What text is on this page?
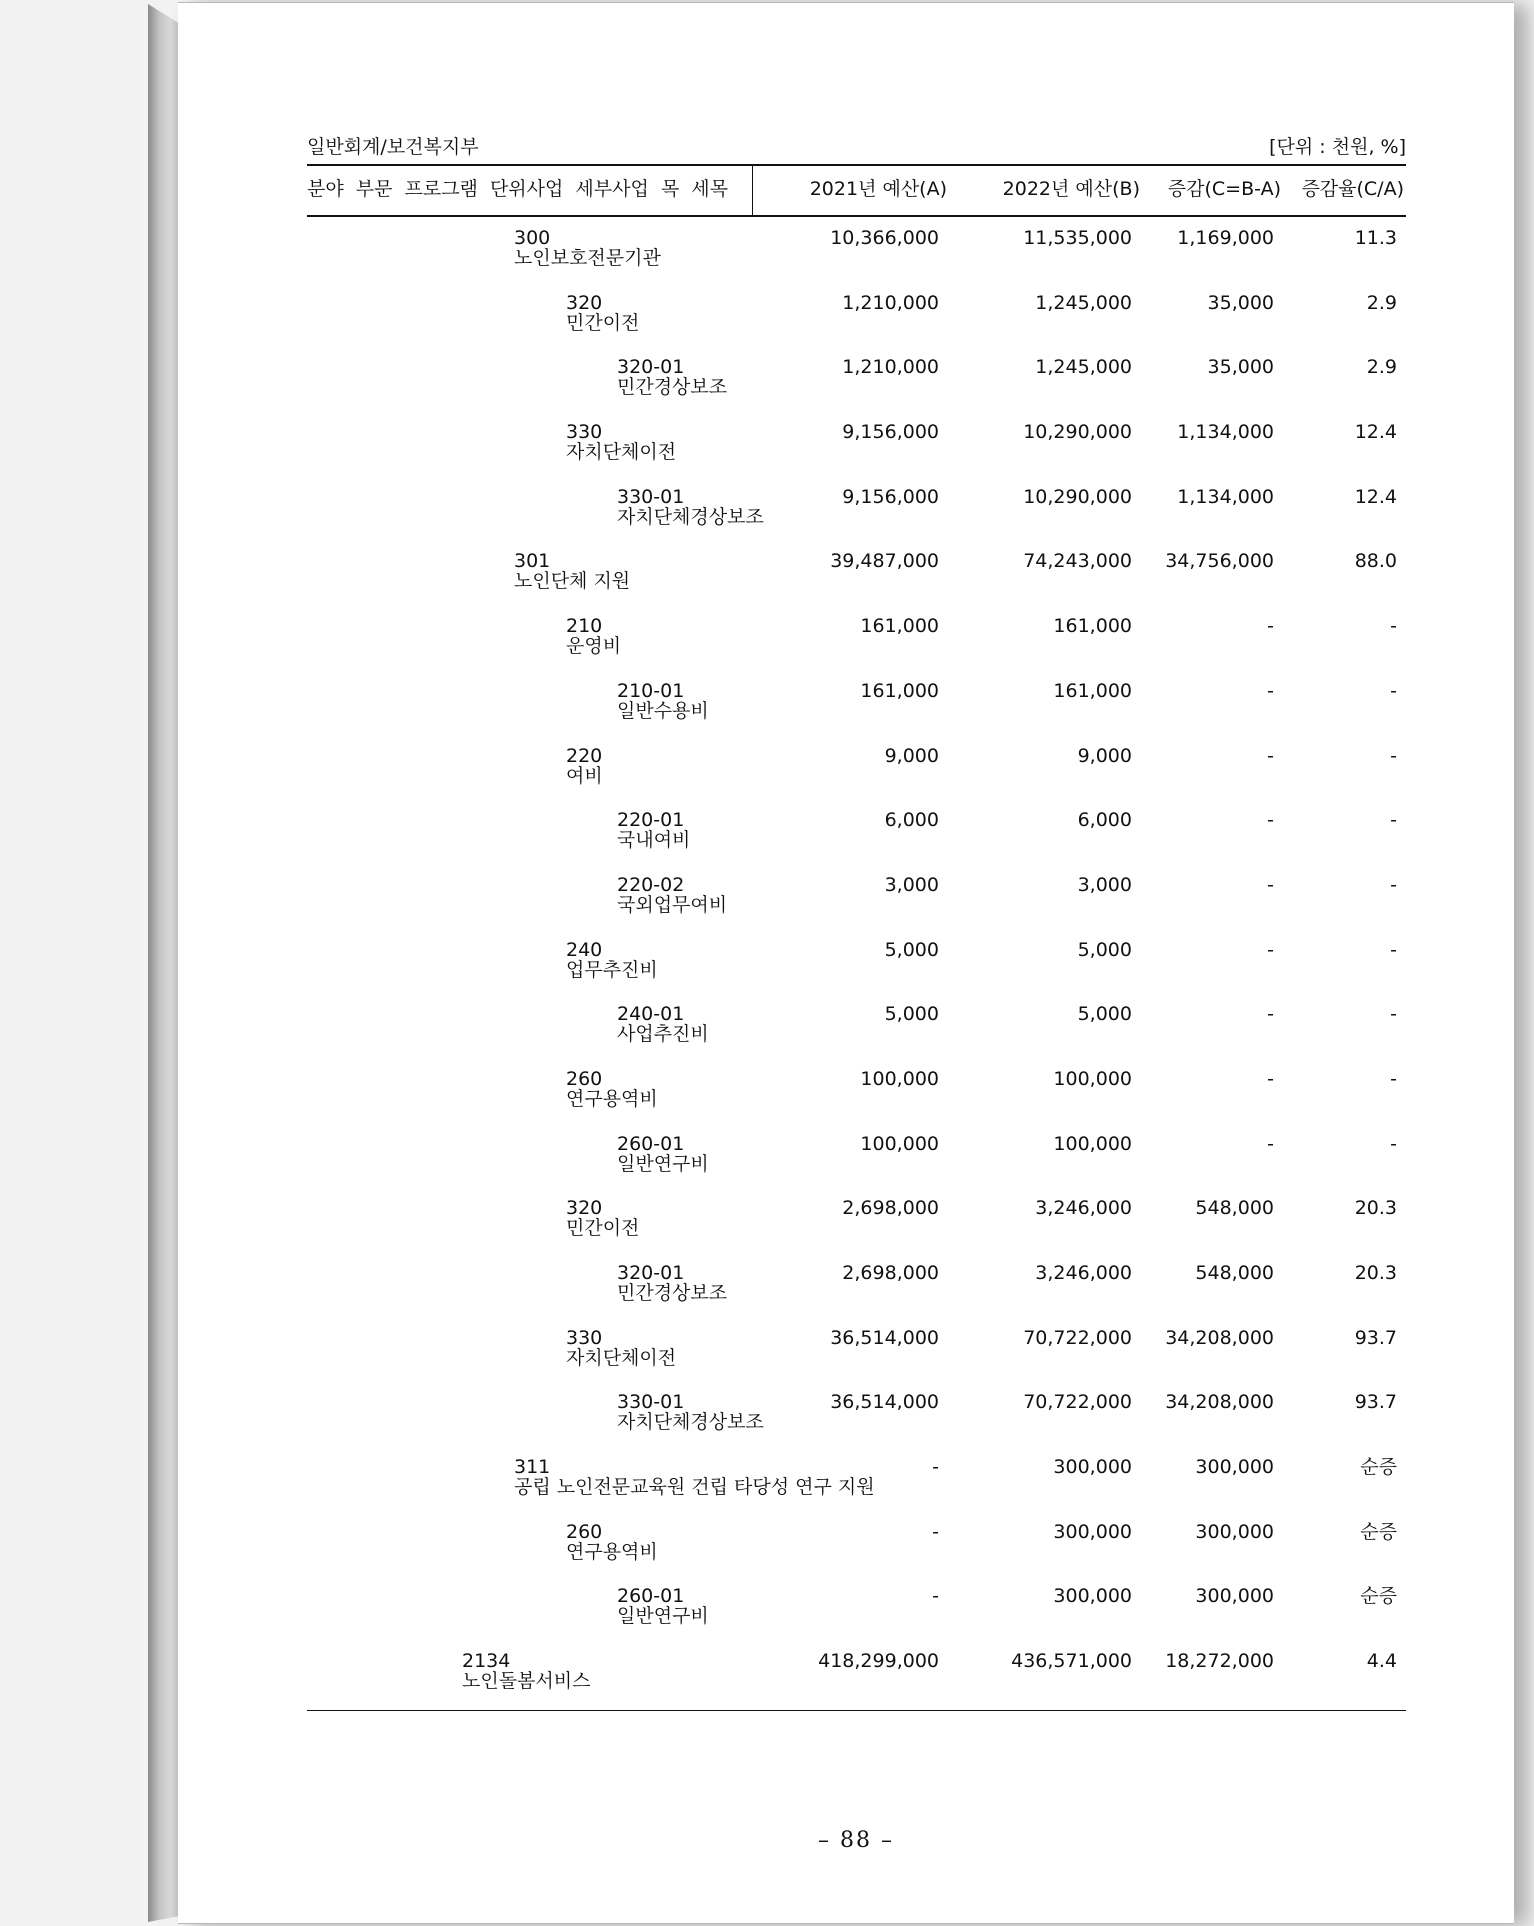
일반회계/보건복지부	[단위 : 천원, %]
분야 부문 프로그램 단위사업 세부사업 목 세목	2021년 예산(A)	2022년 예산(B) 증감(C=B-A) 증감율(C/A)
300
노인보호전문기관
10,366,000	11,535,000 1,169,000	11.3
320
민간이전
1,210,000	1,245,000	35,000	2.9
320-01
민간경상보조
1,210,000	1,245,000	35,000	2.9
330
자치단체이전
9,156,000	10,290,000 1,134,000	12.4
330-01
자치단체경상보조
9,156,000	10,290,000 1,134,000	12.4
301
노인단체 지원
39,487,000	74,243,000 34,756,000	88.0
210
운영비
161,000	161,000	-	-
210-01
일반수용비
161,000	161,000	-	-
220
여비
9,000	9,000	-	-
220-01
국내여비
6,000	6,000	-	-
220-02
국외업무여비
3,000	3,000	-	-
240
업무추진비
5,000	5,000	-	-
240-01
사업추진비
5,000	5,000	-	-
260
연구용역비
100,000	100,000	-	-
260-01
일반연구비
100,000	100,000	-	-
320
민간이전
2,698,000	3,246,000	548,000	20.3
320-01
민간경상보조
2,698,000	3,246,000	548,000	20.3
330
자치단체이전
36,514,000	70,722,000 34,208,000	93.7
330-01
자치단체경상보조
36,514,000	70,722,000 34,208,000	93.7
311
공립 노인전문교육원 건립 타당성 연구 지원
-	300,000	300,000	순증
260
연구용역비
-	300,000	300,000	순증
260-01
일반연구비
-	300,000	300,000	순증
2134
노인돌봄서비스
418,299,000	436,571,000 18,272,000	4.4
– 88 –
